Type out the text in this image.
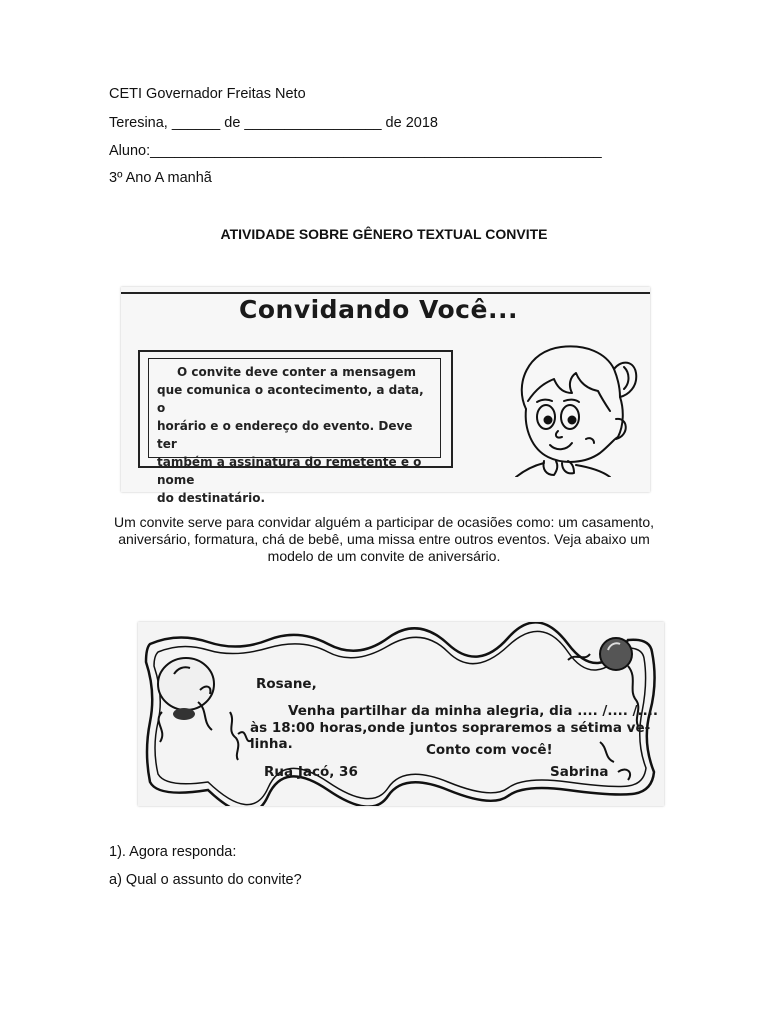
CETI Governador Freitas Neto
Teresina, ______ de _________________ de 2018
Aluno:________________________________________________________
3º Ano A manhã
ATIVIDADE SOBRE GÊNERO TEXTUAL CONVITE
Convidando Você...
O convite deve conter a mensagem
que comunica o acontecimento, a data, o
horário e o endereço do evento. Deve ter
também a assinatura do remetente e o nome
do destinatário.
Um convite serve para convidar alguém a participar de ocasiões como: um casamento, aniversário, formatura, chá de bebê, uma missa entre outros eventos. Veja abaixo um modelo de um convite de aniversário.
Rosane,
Venha partilhar da minha alegria, dia .... /.... /....
às 18:00 horas,onde juntos sopraremos a sétima ve-
linha.	Conto com você!
Rua Jacó, 36	Sabrina
1). Agora responda:
a) Qual o assunto do convite?
